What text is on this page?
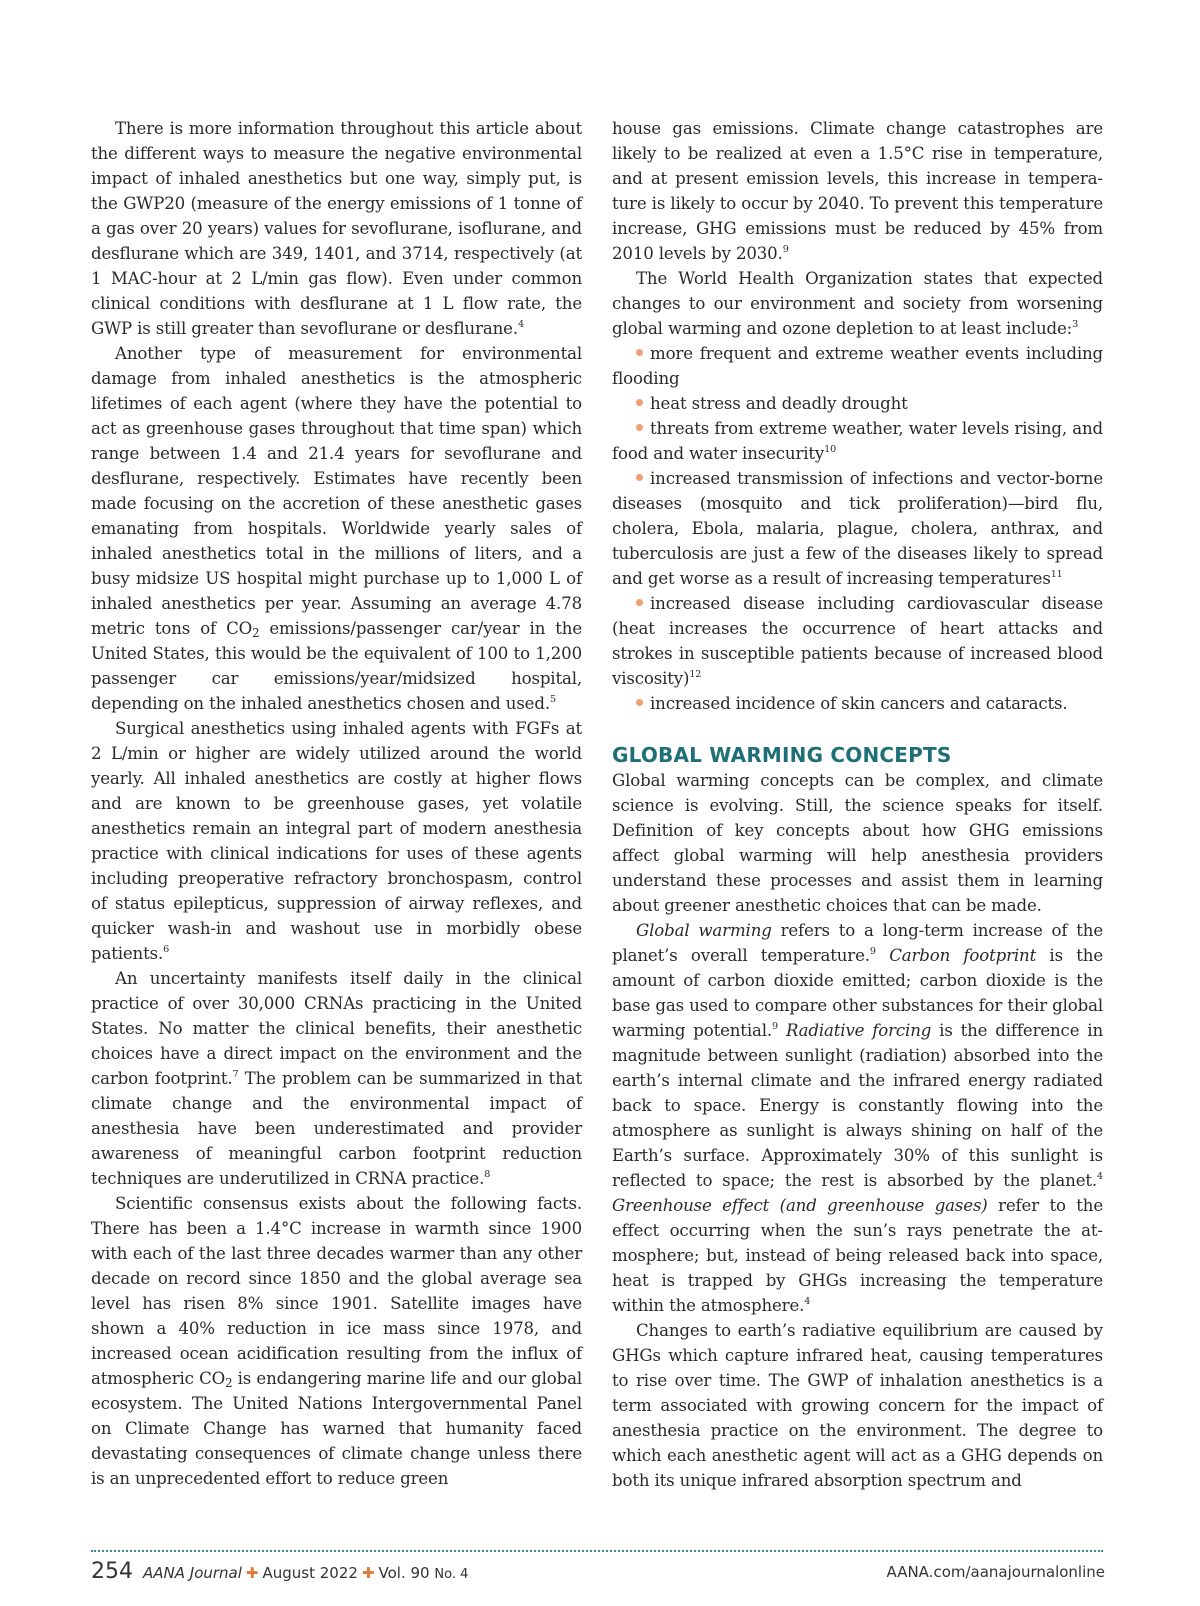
There is more information throughout this article about the different ways to measure the negative environmental impact of inhaled anesthetics but one way, simply put, is the GWP20 (measure of the energy emissions of 1 tonne of a gas over 20 years) values for sevoflurane, isoflurane, and desflurane which are 349, 1401, and 3714, respectively (at 1 MAC-hour at 2 L/min gas flow). Even under common clinical conditions with desflurane at 1 L flow rate, the GWP is still greater than sevoflurane or desflurane.$^4$

Another type of measurement for environmental damage from inhaled anesthetics is the atmospheric lifetimes of each agent (where they have the potential to act as greenhouse gases throughout that time span) which range between 1.4 and 21.4 years for sevoflurane and desflurane, respectively. Estimates have recently been made focusing on the accretion of these anesthetic gases emanating from hospitals. Worldwide yearly sales of inhaled anesthetics total in the millions of liters, and a busy midsize US hospital might purchase up to 1,000 L of inhaled anesthetics per year. Assuming an average 4.78 metric tons of $CO_2$ emissions/passenger car/year in the United States, this would be the equivalent of 100 to 1,200 passenger car emissions/year/midsized hospital, depending on the inhaled anesthetics chosen and used.$^5$

Surgical anesthetics using inhaled agents with FGFs at 2 L/min or higher are widely utilized around the world yearly. All inhaled anesthetics are costly at higher flows and are known to be greenhouse gases, yet volatile anesthetics remain an integral part of modern anesthesia practice with clinical indications for uses of these agents including preoperative refractory bronchospasm, control of status epilepticus, suppression of airway reflexes, and quicker wash-in and washout use in morbidly obese patients.$^6$

An uncertainty manifests itself daily in the clinical practice of over 30,000 CRNAs practicing in the United States. No matter the clinical benefits, their anesthetic choices have a direct impact on the environment and the carbon footprint.$^7$ The problem can be summarized in that climate change and the environmental impact of anesthesia have been underestimated and provider awareness of meaningful carbon footprint reduction techniques are underutilized in CRNA practice.$^8$

Scientific consensus exists about the following facts. There has been a 1.4°C increase in warmth since 1900 with each of the last three decades warmer than any other decade on record since 1850 and the global average sea level has risen 8% since 1901. Satellite images have shown a 40% reduction in ice mass since 1978, and increased ocean acidification resulting from the influx of atmospheric $CO_2$ is endangering marine life and our global ecosystem. The United Nations Intergovernmental Panel on Climate Change has warned that humanity faced devastating consequences of climate change unless there is an unprecedented effort to reduce green

house gas emissions. Climate change catastrophes are likely to be realized at even a 1.5°C rise in temperature, and at present emission levels, this increase in temperature is likely to occur by 2040. To prevent this temperature increase, GHG emissions must be reduced by 45% from 2010 levels by 2030.$^9$

The World Health Organization states that expected changes to our environment and society from worsening global warming and ozone depletion to at least include:$^3$

more frequent and extreme weather events including flooding
heat stress and deadly drought
threats from extreme weather, water levels rising, and food and water insecurity$^{10}$
increased transmission of infections and vector-borne diseases (mosquito and tick proliferation)—bird flu, cholera, Ebola, malaria, plague, cholera, anthrax, and tuberculosis are just a few of the diseases likely to spread and get worse as a result of increasing temperatures$^{11}$
increased disease including cardiovascular disease (heat increases the occurrence of heart attacks and strokes in susceptible patients because of increased blood viscosity)$^{12}$
increased incidence of skin cancers and cataracts.
GLOBAL WARMING CONCEPTS

Global warming concepts can be complex, and climate science is evolving. Still, the science speaks for itself. Definition of key concepts about how GHG emissions affect global warming will help anesthesia providers understand these processes and assist them in learning about greener anesthetic choices that can be made.

Global warming refers to a long-term increase of the planet’s overall temperature.$^9$ Carbon footprint is the amount of carbon dioxide emitted; carbon dioxide is the base gas used to compare other substances for their global warming potential.$^9$ Radiative forcing is the difference in magnitude between sunlight (radiation) absorbed into the earth’s internal climate and the infrared energy radiated back to space. Energy is constantly flowing into the atmosphere as sunlight is always shining on half of the Earth’s surface. Approximately 30% of this sunlight is reflected to space; the rest is absorbed by the planet.$^4$ Greenhouse effect (and greenhouse gases) refer to the effect occurring when the sun’s rays penetrate the atmosphere; but, instead of being released back into space, heat is trapped by GHGs increasing the temperature within the atmosphere.$^4$

Changes to earth’s radiative equilibrium are caused by GHGs which capture infrared heat, causing temperatures to rise over time. The GWP of inhalation anesthetics is a term associated with growing concern for the impact of anesthesia practice on the environment. The degree to which each anesthetic agent will act as a GHG depends on both its unique infrared absorption spectrum and

254 AANA Journal ✚ August 2022 ✚ Vol. 90 No. 4	AANA.com/aanajournalonline
